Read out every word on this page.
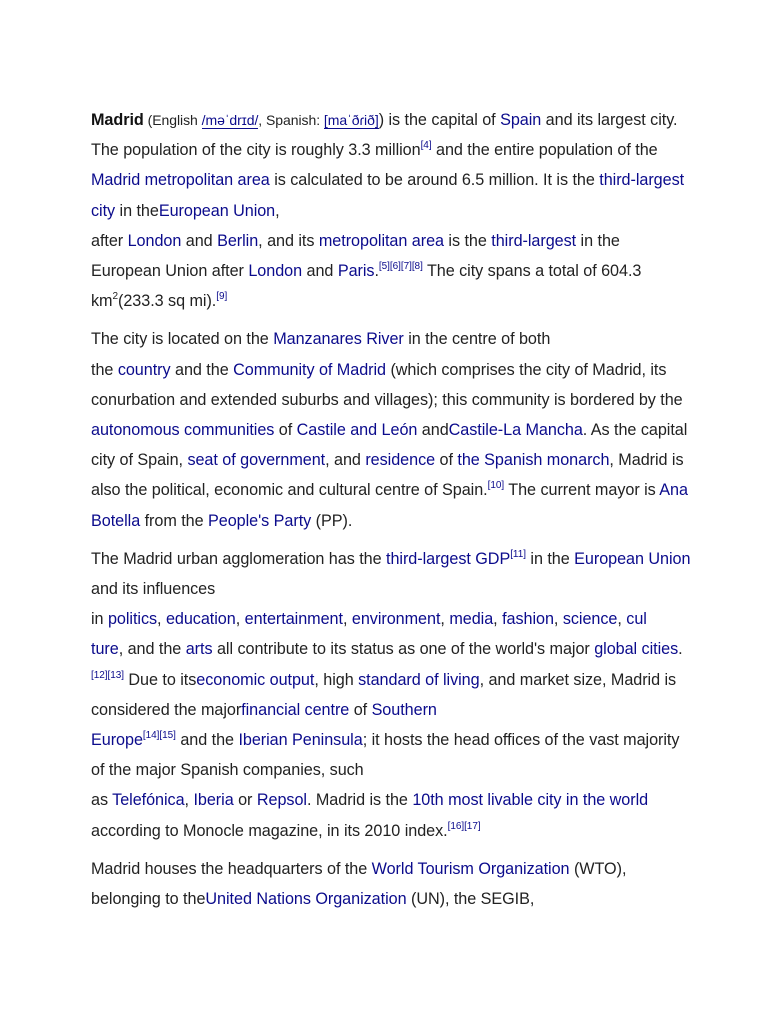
Madrid (English /məˈdrɪd/, Spanish: [maˈðɾið]) is the capital of Spain and its largest city. The population of the city is roughly 3.3 million[4] and the entire population of the Madrid metropolitan area is calculated to be around 6.5 million. It is the third-largest city in theEuropean Union,
after London and Berlin, and its metropolitan area is the third-largest in the European Union after London and Paris.[5][6][7][8] The city spans a total of 604.3 $km^2(233.3$ sq mi).[9]

The city is located on the Manzanares River in the centre of both
the country and the Community of Madrid (which comprises the city of Madrid, its conurbation and extended suburbs and villages); this community is bordered by the autonomous communities of Castile and León andCastile-La Mancha. As the capital city of Spain, seat of government, and residence of the Spanish monarch, Madrid is also the political, economic and cultural centre of Spain.[10] The current mayor is Ana Botella from the People's Party (PP).

The Madrid urban agglomeration has the third-largest GDP[11] in the European Union and its influences
in politics, education, entertainment, environment, media, fashion, science, cul
ture, and the arts all contribute to its status as one of the world's major global cities.[12][13] Due to itseconomic output, high standard of living, and market size, Madrid is considered the majorfinancial centre of Southern
Europe[14][15] and the Iberian Peninsula; it hosts the head offices of the vast majority of the major Spanish companies, such
as Telefónica, Iberia or Repsol. Madrid is the 10th most livable city in the world according to Monocle magazine, in its 2010 index.[16][17]

Madrid houses the headquarters of the World Tourism Organization (WTO),
belonging to theUnited Nations Organization (UN), the SEGIB,
